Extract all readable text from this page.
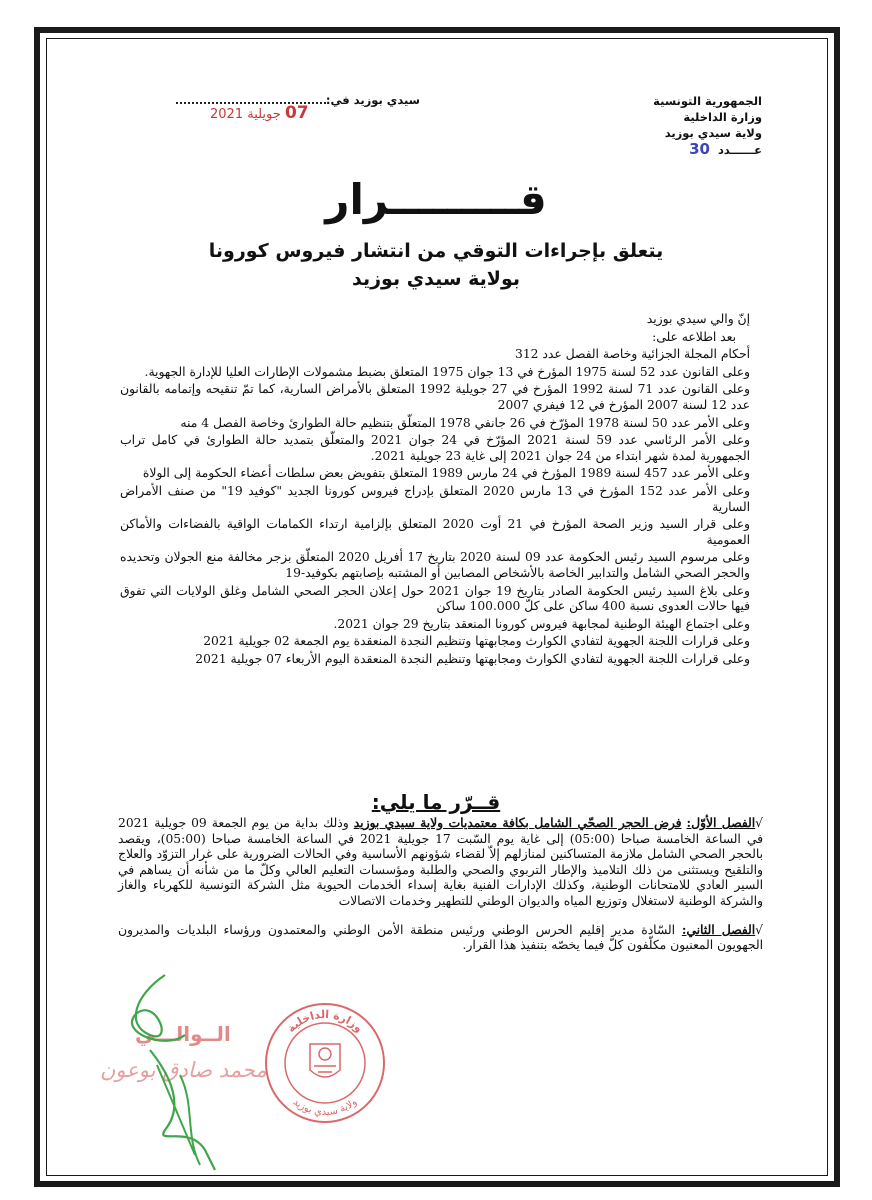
الجمهورية التونسية
وزارة الداخلية
ولاية سيدي بوزيد
عــــــدد 30
سيدي بوزيد في:
07 جويلية 2021
قـــــــــرار
يتعلق بإجراءات التوقي من انتشار فيروس كورونا
بولاية سيدي بوزيد

إنّ والي سيدي بوزيد

بعد اطلاعه على:

أحكام المجلة الجزائية وخاصة الفصل عدد 312

وعلى القانون عدد 52 لسنة 1975 المؤرخ في 13 جوان 1975 المتعلق بضبط مشمولات الإطارات العليا للإدارة الجهوية.

وعلى القانون عدد 71 لسنة 1992 المؤرخ في 27 جويلية 1992 المتعلق بالأمراض السارية، كما تمّ تنقيحه وإتمامه بالقانون عدد 12 لسنة 2007 المؤرخ في 12 فيفري 2007

وعلى الأمر عدد 50 لسنة 1978 المؤرّخ في 26 جانفي 1978 المتعلّق بتنظيم حالة الطوارئ وخاصة الفصل 4 منه

وعلى الأمر الرئاسي عدد 59 لسنة 2021 المؤرّخ في 24 جوان 2021 والمتعلّق بتمديد حالة الطوارئ في كامل تراب الجمهورية لمدة شهر ابتداء من 24 جوان 2021 إلى غاية 23 جويلية 2021.

وعلى الأمر عدد 457 لسنة 1989 المؤرخ في 24 مارس 1989 المتعلق بتفويض بعض سلطات أعضاء الحكومة إلى الولاة

وعلى الأمر عدد 152 المؤرخ في 13 مارس 2020 المتعلق بإدراج فيروس كورونا الجديد "كوفيد 19" من صنف الأمراض السارية

وعلى قرار السيد وزير الصحة المؤرخ في 21 أوت 2020 المتعلق بإلزامية ارتداء الكمامات الواقية بالفضاءات والأماكن العمومية

وعلى مرسوم السيد رئيس الحكومة عدد 09 لسنة 2020 بتاريخ 17 أفريل 2020 المتعلّق بزجر مخالفة منع الجولان وتحديده والحجر الصحي الشامل والتدابير الخاصة بالأشخاص المصابين أو المشتبه بإصابتهم بكوفيد-19

وعلى بلاغ السيد رئيس الحكومة الصادر بتاريخ 19 جوان 2021 حول إعلان الحجر الصحي الشامل وغلق الولايات التي تفوق فيها حالات العدوى نسبة 400 ساكن على كلّ 100.000 ساكن

وعلى اجتماع الهيئة الوطنية لمجابهة فيروس كورونا المنعقد بتاريخ 29 جوان 2021.

وعلى قرارات اللجنة الجهوية لتفادي الكوارث ومجابهتها وتنظيم النجدة المنعقدة يوم الجمعة 02 جويلية 2021

وعلى قرارات اللجنة الجهوية لتفادي الكوارث ومجابهتها وتنظيم النجدة المنعقدة اليوم الأربعاء 07 جويلية 2021

قــرّر ما يلي:

√الفصل الأوّل: فرض الحجر الصحّي الشامل بكافة معتمديات ولاية سيدي بوزيد وذلك بداية من يوم الجمعة 09 جويلية 2021 في الساعة الخامسة صباحا (05:00) إلى غاية يوم السّبت 17 جويلية 2021 في الساعة الخامسة صباحا (05:00)، ويقصد بالحجر الصحي الشامل ملازمة المتساكنين لمنازلهم إلاّ لقضاء شؤونهم الأساسية وفي الحالات الضرورية على غرار التزوّد والعلاج والتلقيح ويستثنى من ذلك التلاميذ والإطار التربوي والصحي والطلبة ومؤسسات التعليم العالي وكلّ ما من شأنه أن يساهم في السير العادي للامتحانات الوطنية، وكذلك الإدارات الفنية بغاية إسداء الخدمات الحيوية مثل الشركة التونسية للكهرباء والغاز والشركة الوطنية لاستغلال وتوزيع المياه والديوان الوطني للتطهير وخدمات الاتصالات

√الفصل الثاني: السّادة مدير إقليم الحرس الوطني ورئيس منطقة الأمن الوطني والمعتمدون ورؤساء البلديات والمديرون الجهويون المعنيون مكلّفون كلّ فيما يخصّه بتنفيذ هذا القرار.

الــوالـــي
محمد صادق بوعون
وزارة الداخلية
ولاية سيدي بوزيد
